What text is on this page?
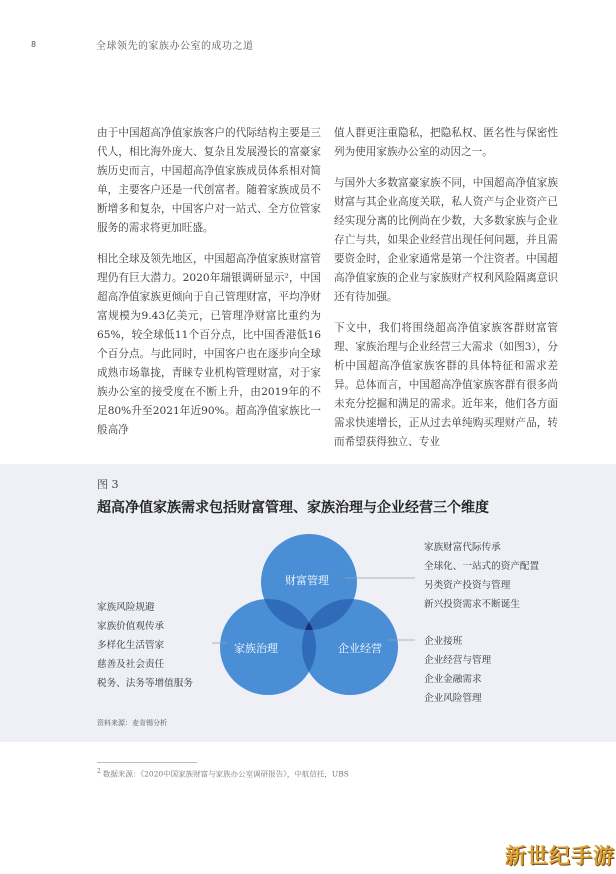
8	全球领先的家族办公室的成功之道

由于中国超高净值家族客户的代际结构主要是三代人，相比海外庞大、复杂且发展漫长的富豪家族历史而言，中国超高净值家族成员体系相对简单，主要客户还是一代创富者。随着家族成员不断增多和复杂，中国客户对一站式、全方位管家服务的需求将更加旺盛。

相比全球及领先地区，中国超高净值家族财富管理仍有巨大潜力。2020年瑞银调研显示²，中国超高净值家族更倾向于自己管理财富，平均净财富规模为9.43亿美元，已管理净财富比重约为65%，较全球低11个百分点，比中国香港低16个百分点。与此同时，中国客户也在逐步向全球成熟市场靠拢，青睐专业机构管理财富，对于家族办公室的接受度在不断上升，由2019年的不足80%升至2021年近90%。超高净值家族比一般高净

值人群更注重隐私，把隐私权、匿名性与保密性列为使用家族办公室的动因之一。

与国外大多数富豪家族不同，中国超高净值家族财富与其企业高度关联，私人资产与企业资产已经实现分离的比例尚在少数，大多数家族与企业存亡与共，如果企业经营出现任何问题，并且需要资金时，企业家通常是第一个注资者。中国超高净值家族的企业与家族财产权利风险隔离意识还有待加强。

下文中，我们将围绕超高净值家族客群财富管理、家族治理与企业经营三大需求（如图3），分析中国超高净值家族客群的具体特征和需求差异。总体而言，中国超高净值家族客群有很多尚未充分挖掘和满足的需求。近年来，他们各方面需求快速增长，正从过去单纯购买理财产品，转而希望获得独立、专业

图 3
超高净值家族需求包括财富管理、家族治理与企业经营三个维度
财富管理
家族治理	企业经营
家族财富代际传承
全球化、一站式的资产配置
另类资产投资与管理
新兴投资需求不断诞生
企业接班
企业经营与管理
企业金融需求
企业风险管理
家族风险规避
家族价值观传承
多样化生活管家
慈善及社会责任
税务、法务等增值服务
资料来源：麦肯锡分析
$^2$ 数据来源：《2020中国家族财富与家族办公室调研报告》，中航信托，UBS
新世纪手游
